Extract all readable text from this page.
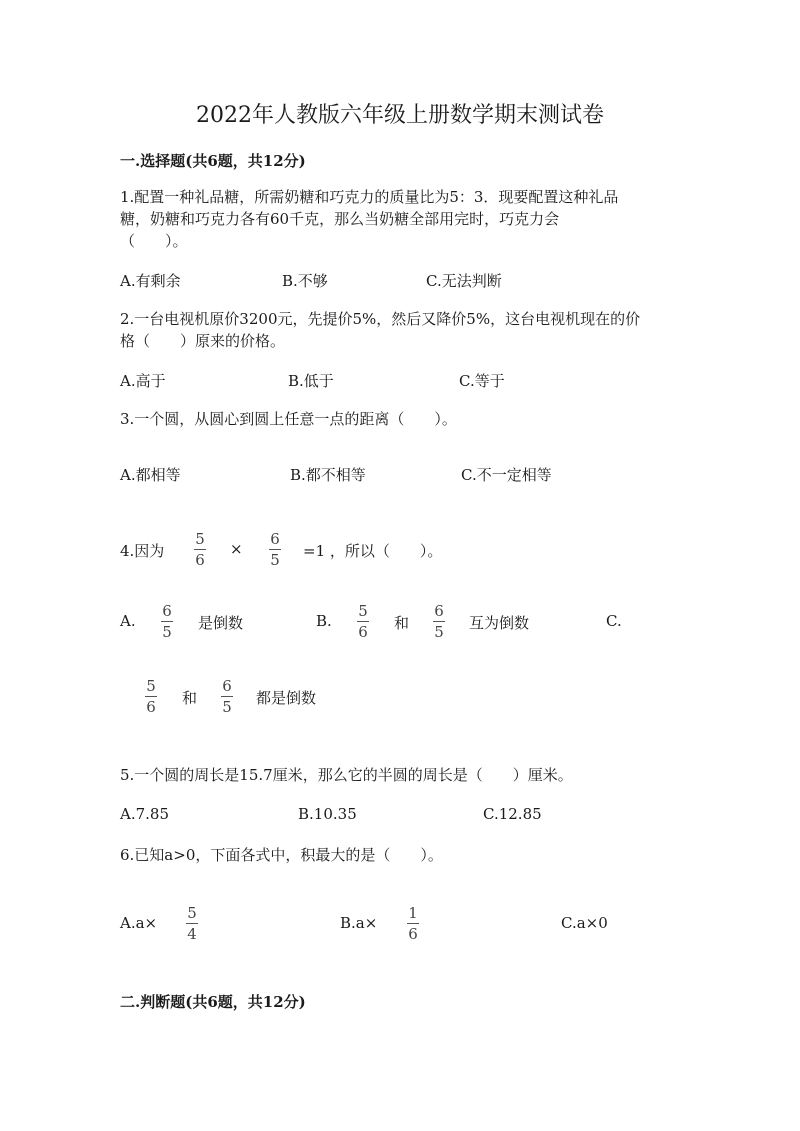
2022年人教版六年级上册数学期末测试卷
一.选择题(共6题，共12分)
1.配置一种礼品糖，所需奶糖和巧克力的质量比为5：3．现要配置这种礼品
糖，奶糖和巧克力各有60千克，那么当奶糖全部用完时，巧克力会
（　　）。
A.有剩余	B.不够	C.无法判断
2.一台电视机原价3200元，先提价5%，然后又降价5%，这台电视机现在的价
格（　　）原来的价格。
A.高于	B.低于	C.等于
3.一个圆，从圆心到圆上任意一点的距离（　　）。
A.都相等	B.都不相等	C.不一定相等
4.因为
5
6
×
6
5 =1 ，所以（　　）。
A.
6
5 是倒数	B.
5
6 和
6
5 互为倒数	C.
5
6 和
6
5 都是倒数
5.一个圆的周长是15.7厘米，那么它的半圆的周长是（　　）厘米。
A.7.85	B.10.35	C.12.85
6.已知a>0，下面各式中，积最大的是（　　）。
A.a×
5
4
B.a×
1
6
C.a×0
二.判断题(共6题，共12分)
